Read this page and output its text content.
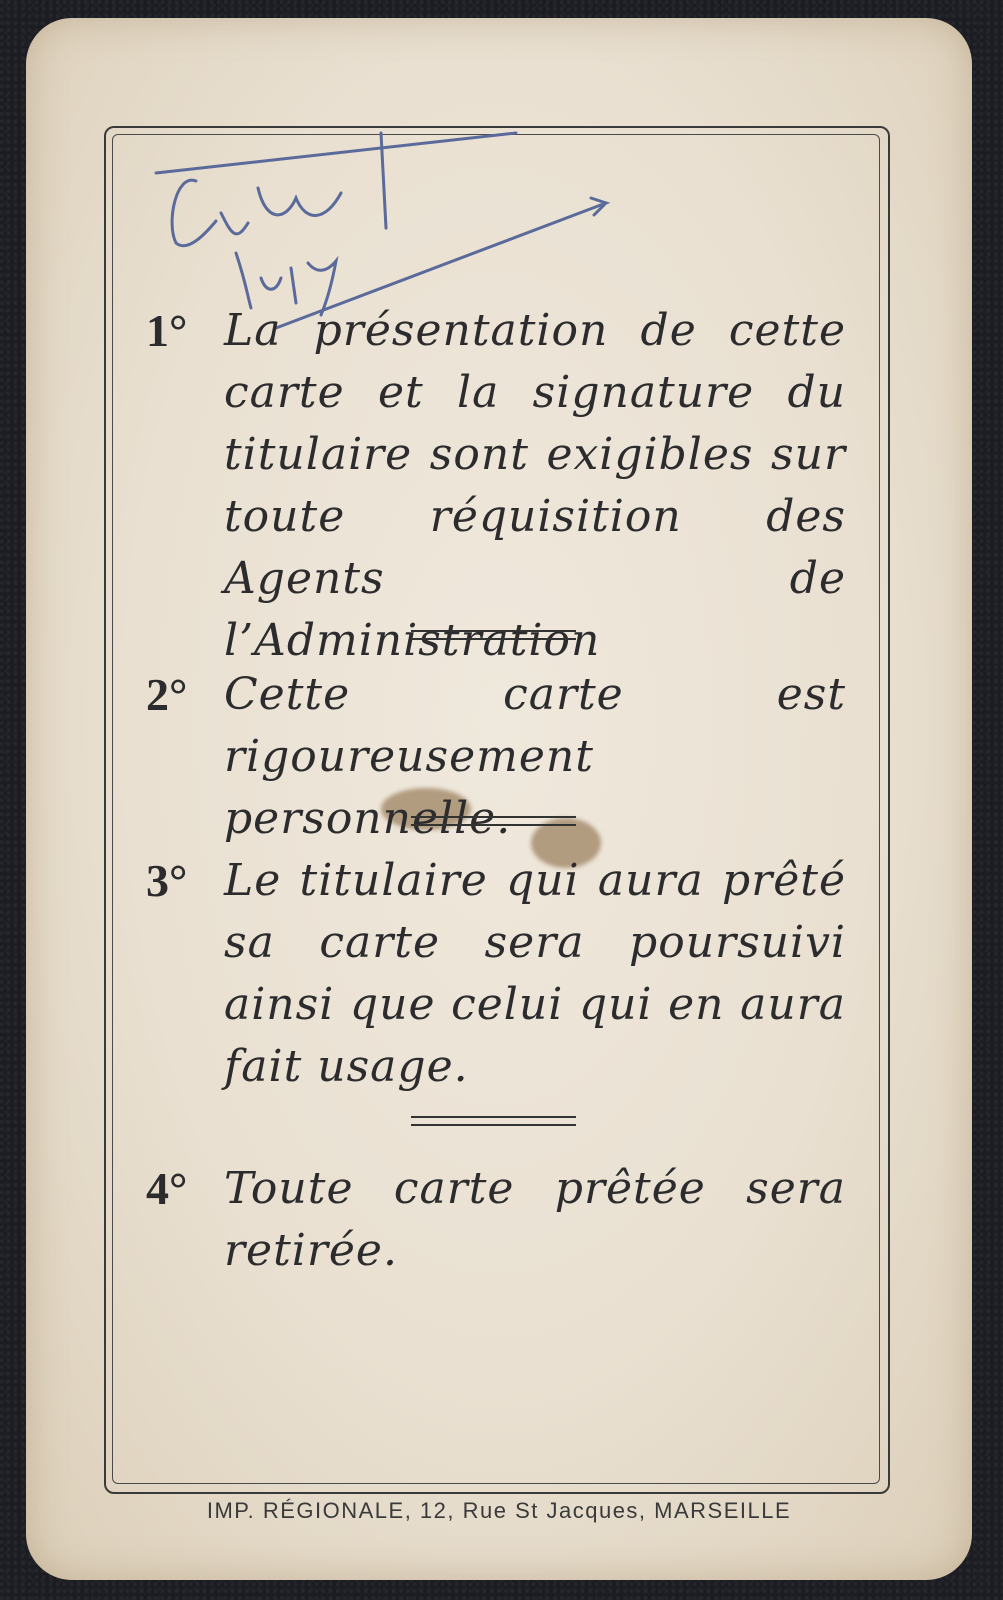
1° La présentation de cette carte et la signature du titulaire sont exigibles sur toute réquisition des Agents de l’Administration
2° Cette carte est rigoureusement personnelle.
3° Le titulaire qui aura prêté sa carte sera poursuivi ainsi que celui qui en aura fait usage.
4° Toute carte prêtée sera retirée.
IMP. RÉGIONALE, 12, Rue St Jacques, MARSEILLE
